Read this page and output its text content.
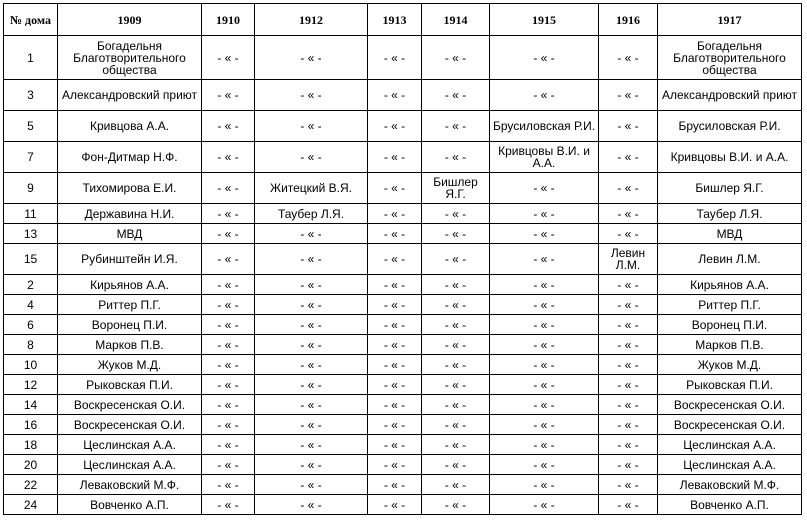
№ дома	1909	1910	1912	1913	1914	1915	1916	1917
1	Богадельня Благотворительного общества	- « -	- « -	- « -	- « -	- « -	- « -	Богадельня Благотворительного общества
3	Александровский приют	- « -	- « -	- « -	- « -	- « -	- « -	Александровский приют
5	Кривцова А.А.	- « -	- « -	- « -	- « -	Брусиловская Р.И.	- « -	Брусиловская Р.И.
7	Фон-Дитмар Н.Ф.	- « -	- « -	- « -	- « -	Кривцовы В.И. и А.А.	- « -	Кривцовы В.И. и А.А.
9	Тихомирова Е.И.	- « -	Житецкий В.Я.	- « -	Бишлер Я.Г.	- « -	- « -	Бишлер Я.Г.
11	Державина Н.И.	- « -	Таубер Л.Я.	- « -	- « -	- « -	- « -	Таубер Л.Я.
13	МВД	- « -	- « -	- « -	- « -	- « -	- « -	МВД
15	Рубинштейн И.Я.	- « -	- « -	- « -	- « -	- « -	Левин Л.М.	Левин Л.М.
2	Кирьянов А.А.	- « -	- « -	- « -	- « -	- « -	- « -	Кирьянов А.А.
4	Риттер П.Г.	- « -	- « -	- « -	- « -	- « -	- « -	Риттер П.Г.
6	Воронец П.И.	- « -	- « -	- « -	- « -	- « -	- « -	Воронец П.И.
8	Марков П.В.	- « -	- « -	- « -	- « -	- « -	- « -	Марков П.В.
10	Жуков М.Д.	- « -	- « -	- « -	- « -	- « -	- « -	Жуков М.Д.
12	Рыковская П.И.	- « -	- « -	- « -	- « -	- « -	- « -	Рыковская П.И.
14	Воскресенская О.И.	- « -	- « -	- « -	- « -	- « -	- « -	Воскресенская О.И.
16	Воскресенская О.И.	- « -	- « -	- « -	- « -	- « -	- « -	Воскресенская О.И.
18	Цеслинская А.А.	- « -	- « -	- « -	- « -	- « -	- « -	Цеслинская А.А.
20	Цеслинская А.А.	- « -	- « -	- « -	- « -	- « -	- « -	Цеслинская А.А.
22	Леваковский М.Ф.	- « -	- « -	- « -	- « -	- « -	- « -	Леваковский М.Ф.
24	Вовченко А.П.	- « -	- « -	- « -	- « -	- « -	- « -	Вовченко А.П.
